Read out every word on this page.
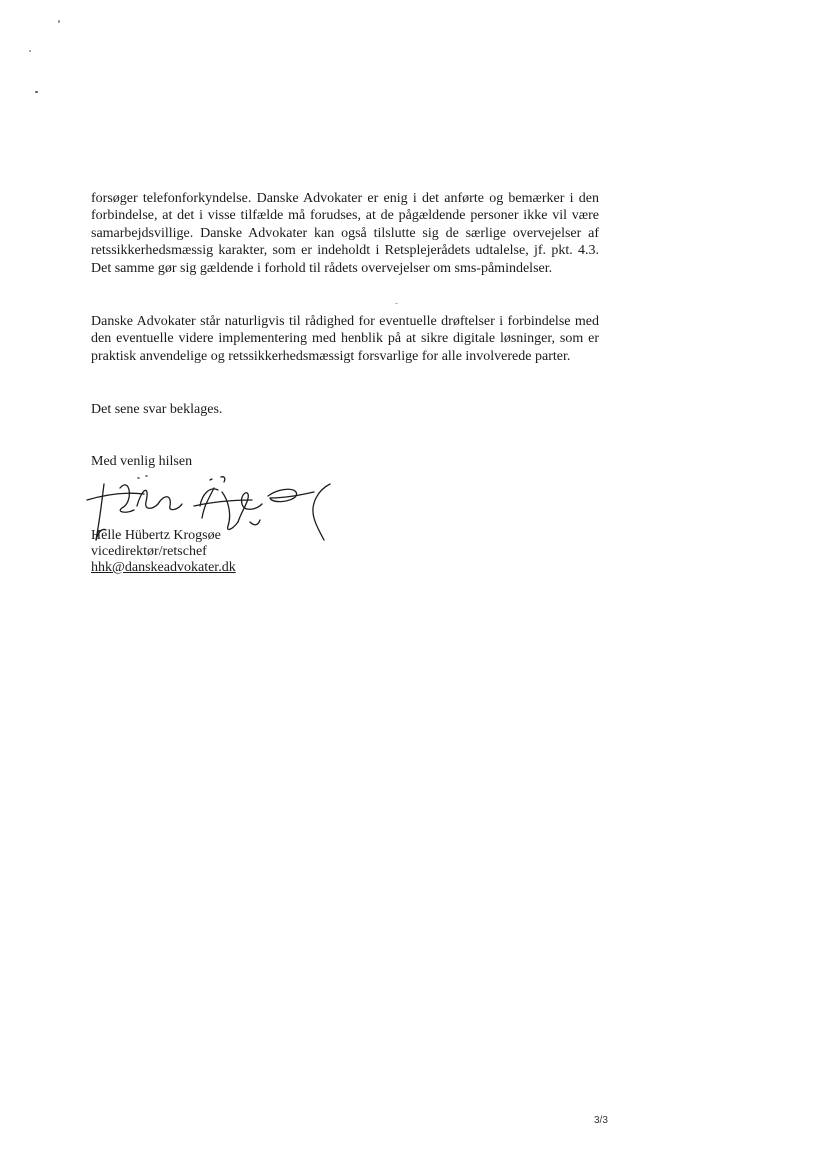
forsøger telefonforkyndelse. Danske Advokater er enig i det anførte og bemærker i den forbindelse, at det i visse tilfælde må forudses, at de pågældende personer ikke vil være samarbejdsvillige. Danske Advokater kan også tilslutte sig de særlige overvejelser af retssikkerhedsmæssig karakter, som er indeholdt i Retsplejerådets udtalelse, jf. pkt. 4.3. Det samme gør sig gældende i forhold til rådets overvejelser om sms-påmindelser.
Danske Advokater står naturligvis til rådighed for eventuelle drøftelser i forbindelse med den eventuelle videre implementering med henblik på at sikre digitale løsninger, som er praktisk anvendelige og retssikkerhedsmæssigt forsvarlige for alle involverede parter.
Det sene svar beklages.
Med venlig hilsen
Helle Hübertz Krogsøe
vicedirektør/retschef
hhk@danskeadvokater.dk
3/3
